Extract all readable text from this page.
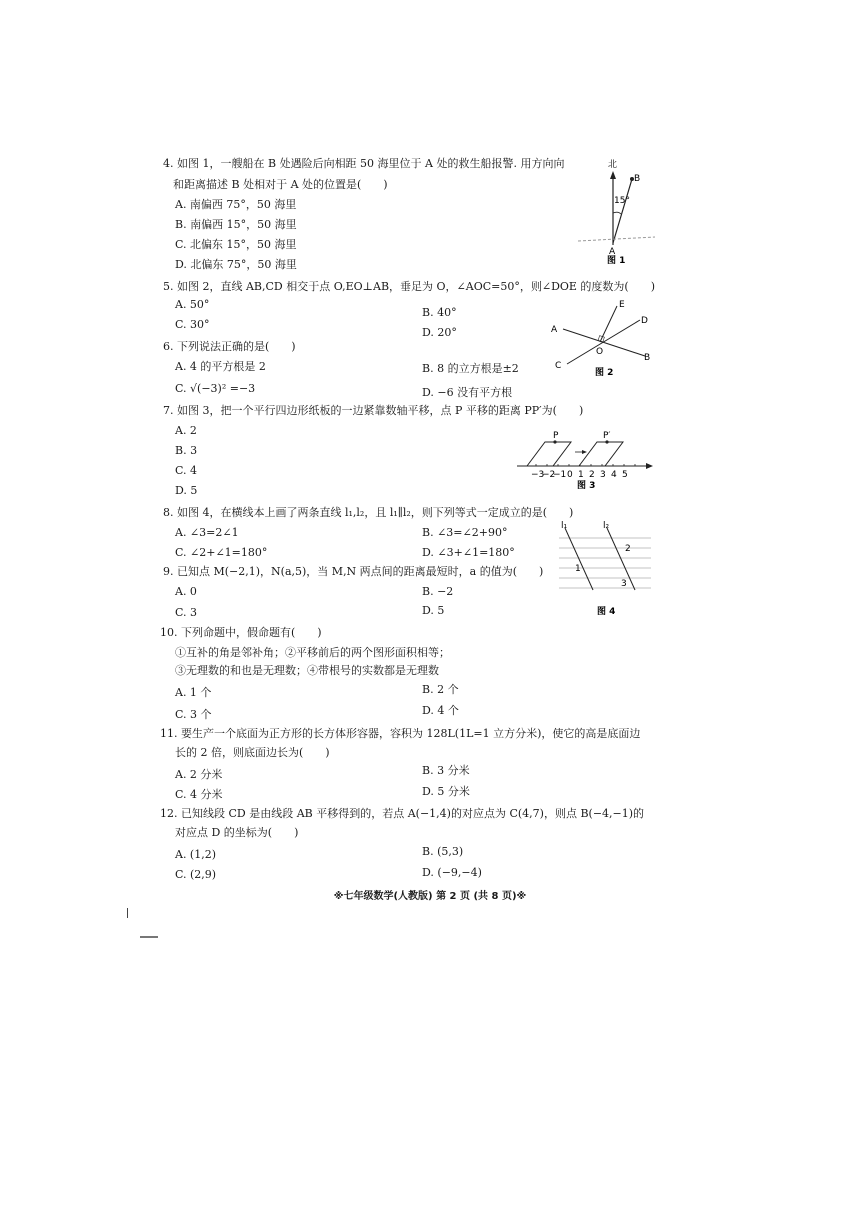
4. 如图 1，一艘船在 B 处遇险后向相距 50 海里位于 A 处的救生船报警. 用方向向
和距离描述 B 处相对于 A 处的位置是(　　)
A. 南偏西 75°，50 海里
B. 南偏西 15°，50 海里
C. 北偏东 15°，50 海里
D. 北偏东 75°，50 海里
北
B
15°
A
图 1
5. 如图 2，直线 AB,CD 相交于点 O,EO⊥AB，垂足为 O，∠AOC=50°，则∠DOE 的度数为(　　)
A. 50°
B. 40°
C. 30°
D. 20°
E
D
A
O
B
C
图 2
6. 下列说法正确的是(　　)
A. 4 的平方根是 2	B. 8 的立方根是±2
C. √(−3)² =−3	D. −6 没有平方根
7. 如图 3，把一个平行四边形纸板的一边紧靠数轴平移，点 P 平移的距离 PP′为(　　)
A. 2
B. 3
C. 4
D. 5
P	P′
−3
−2
−1 0 1 2 3 4 5
图 3
8. 如图 4，在横线本上画了两条直线 l₁,l₂，且 l₁∥l₂，则下列等式一定成立的是(　　)
A. ∠3=2∠1	B. ∠3=∠2+90°
C. ∠2+∠1=180°	D. ∠3+∠1=180°
l₁	l₂
2
1
3
图 4
9. 已知点 M(−2,1)，N(a,5)，当 M,N 两点间的距离最短时，a 的值为(　　)
A. 0	B. −2
C. 3	D. 5
10. 下列命题中，假命题有(　　)
①互补的角是邻补角；②平移前后的两个图形面积相等；
③无理数的和也是无理数；④带根号的实数都是无理数
A. 1 个	B. 2 个
C. 3 个	D. 4 个
11. 要生产一个底面为正方形的长方体形容器，容积为 128L(1L=1 立方分米)，使它的高是底面边
长的 2 倍，则底面边长为(　　)
A. 2 分米	B. 3 分米
C. 4 分米	D. 5 分米
12. 已知线段 CD 是由线段 AB 平移得到的，若点 A(−1,4)的对应点为 C(4,7)，则点 B(−4,−1)的
对应点 D 的坐标为(　　)
A. (1,2)	B. (5,3)
C. (2,9)	D. (−9,−4)
※七年级数学(人教版) 第 2 页 (共 8 页)※
